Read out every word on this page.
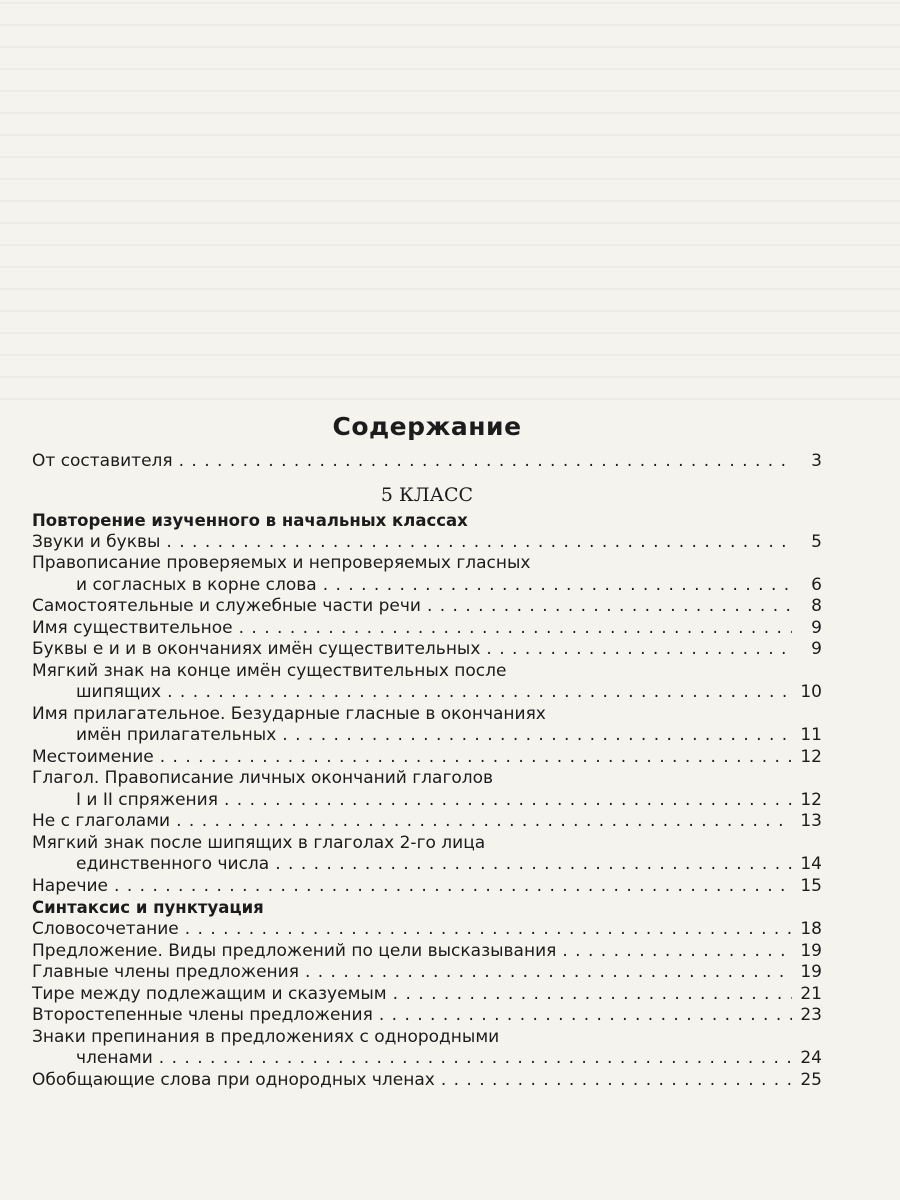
Содержание
От составителя . . .	3
5 КЛАСС
Повторение изученного в начальных классах
Звуки и буквы . . .	5
Правописание проверяемых и непроверяемых гласных
и согласных в корне слова . . .	6
Самостоятельные и служебные части речи . . .	8
Имя существительное . . .	9
Буквы е и и в окончаниях имён существительных . . .	9
Мягкий знак на конце имён существительных после
шипящих . . .	10
Имя прилагательное. Безударные гласные в окончаниях
имён прилагательных . . .	11
Местоимение . . .	12
Глагол. Правописание личных окончаний глаголов
I и II спряжения . . .	12
Не с глаголами . . .	13
Мягкий знак после шипящих в глаголах 2-го лица
единственного числа . . .	14
Наречие . . .	15
Синтаксис и пунктуация
Словосочетание . . .	18
Предложение. Виды предложений по цели высказывания . . .	19
Главные члены предложения . . .	19
Тире между подлежащим и сказуемым . . .	21
Второстепенные члены предложения . . .	23
Знаки препинания в предложениях с однородными
членами . . .	24
Обобщающие слова при однородных членах . . .	25
